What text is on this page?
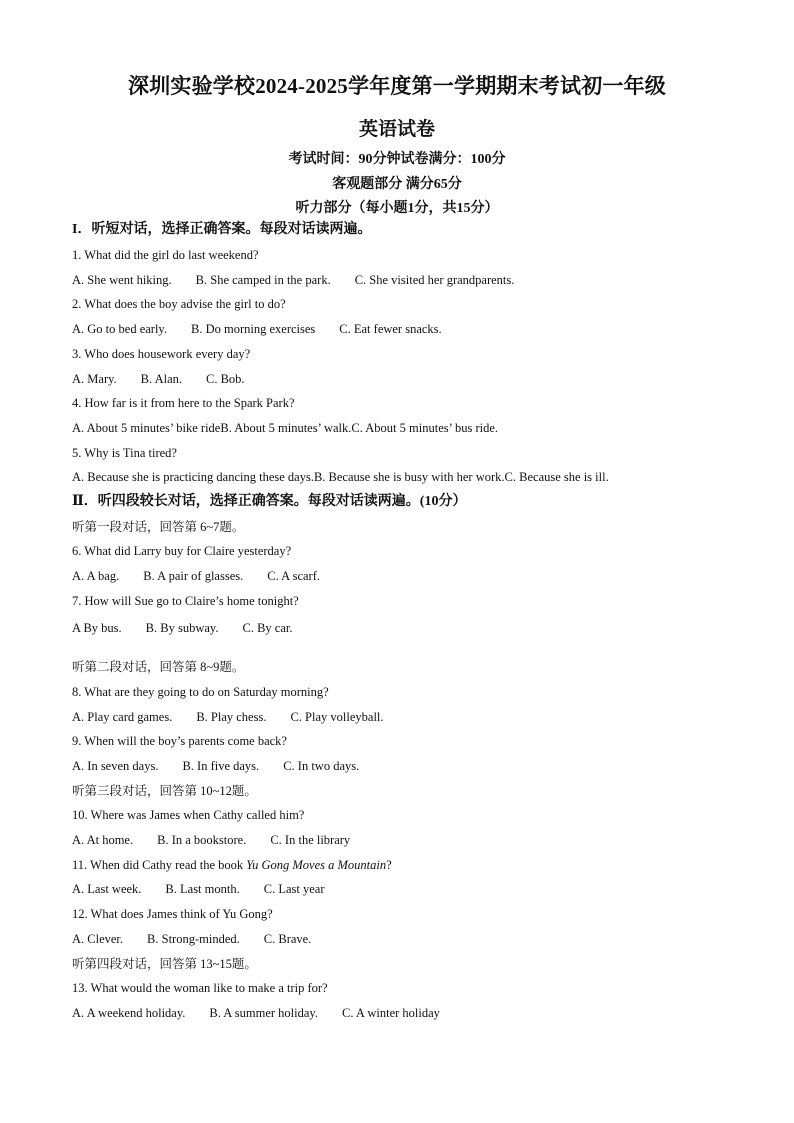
深圳实验学校2024-2025学年度第一学期期末考试初一年级
英语试卷
考试时间：90分钟试卷满分：100分
客观题部分 满分65分
听力部分（每小题1分，共15分）
I．听短对话，选择正确答案。每段对话读两遍。
1. What did the girl do last weekend?
A. She went hiking. B. She camped in the park. C. She visited her grandparents.
2. What does the boy advise the girl to do?
A. Go to bed early. B. Do morning exercises C. Eat fewer snacks.
3. Who does housework every day?
A. Mary. B. Alan. C. Bob.
4. How far is it from here to the Spark Park?
A. About 5 minutes’ bike rideB. About 5 minutes’ walk.C. About 5 minutes’ bus ride.
5. Why is Tina tired?
A. Because she is practicing dancing these days.B. Because she is busy with her work.C. Because she is ill.
Ⅱ．听四段较长对话，选择正确答案。每段对话读两遍。(10分）
听第一段对话，回答第 6~7题。
6. What did Larry buy for Claire yesterday?
A. A bag. B. A pair of glasses. C. A scarf.
7. How will Sue go to Claire’s home tonight?
A By bus. B. By subway. C. By car.
听第二段对话，回答第 8~9题。
8. What are they going to do on Saturday morning?
A. Play card games. B. Play chess. C. Play volleyball.
9. When will the boy’s parents come back?
A. In seven days. B. In five days. C. In two days.
听第三段对话，回答第 10~12题。
10. Where was James when Cathy called him?
A. At home. B. In a bookstore. C. In the library
11. When did Cathy read the book Yu Gong Moves a Mountain?
A. Last week. B. Last month. C. Last year
12. What does James think of Yu Gong?
A. Clever. B. Strong-minded. C. Brave.
听第四段对话，回答第 13~15题。
13. What would the woman like to make a trip for?
A. A weekend holiday. B. A summer holiday. C. A winter holiday
